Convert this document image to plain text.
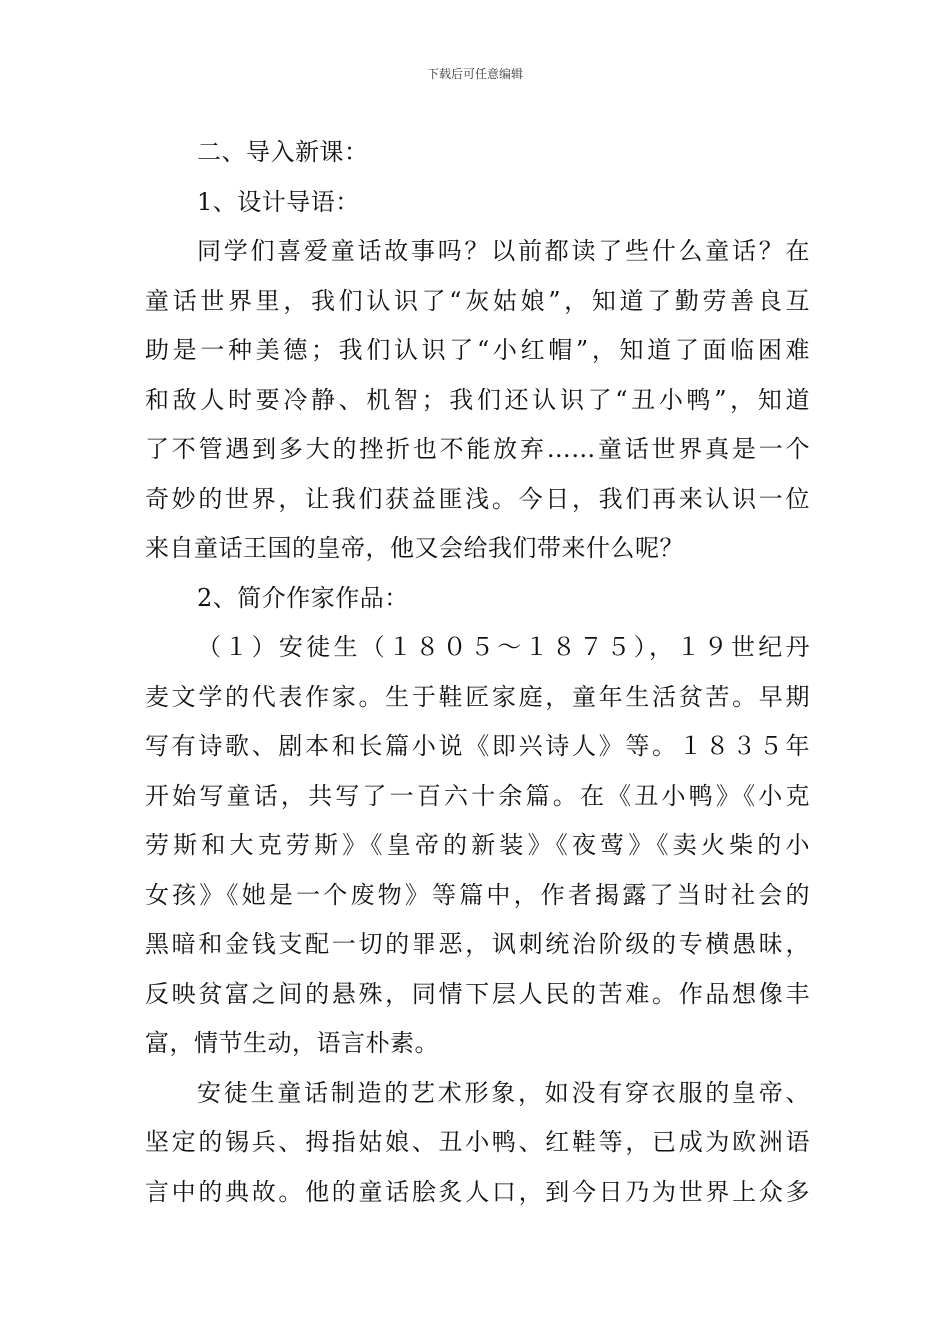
下载后可任意编辑
二、导入新课：
1、设计导语：
同学们喜爱童话故事吗？以前都读了些什么童话？在
童话世界里，我们认识了“灰姑娘”，知道了勤劳善良互
助是一种美德；我们认识了“小红帽”，知道了面临困难
和敌人时要冷静、机智；我们还认识了“丑小鸭”，知道
了不管遇到多大的挫折也不能放弃……童话世界真是一个
奇妙的世界，让我们获益匪浅。今日，我们再来认识一位
来自童话王国的皇帝，他又会给我们带来什么呢？
2、简介作家作品：
（１）安徒生（１８０５～１８７５），１９世纪丹
麦文学的代表作家。生于鞋匠家庭，童年生活贫苦。早期
写有诗歌、剧本和长篇小说《即兴诗人》等。１８３５年
开始写童话，共写了一百六十余篇。在《丑小鸭》《小克
劳斯和大克劳斯》《皇帝的新装》《夜莺》《卖火柴的小
女孩》《她是一个废物》等篇中，作者揭露了当时社会的
黑暗和金钱支配一切的罪恶，讽刺统治阶级的专横愚昧，
反映贫富之间的悬殊，同情下层人民的苦难。作品想像丰
富，情节生动，语言朴素。
安徒生童话制造的艺术形象，如没有穿衣服的皇帝、
坚定的锡兵、拇指姑娘、丑小鸭、红鞋等，已成为欧洲语
言中的典故。他的童话脍炙人口，到今日乃为世界上众多
